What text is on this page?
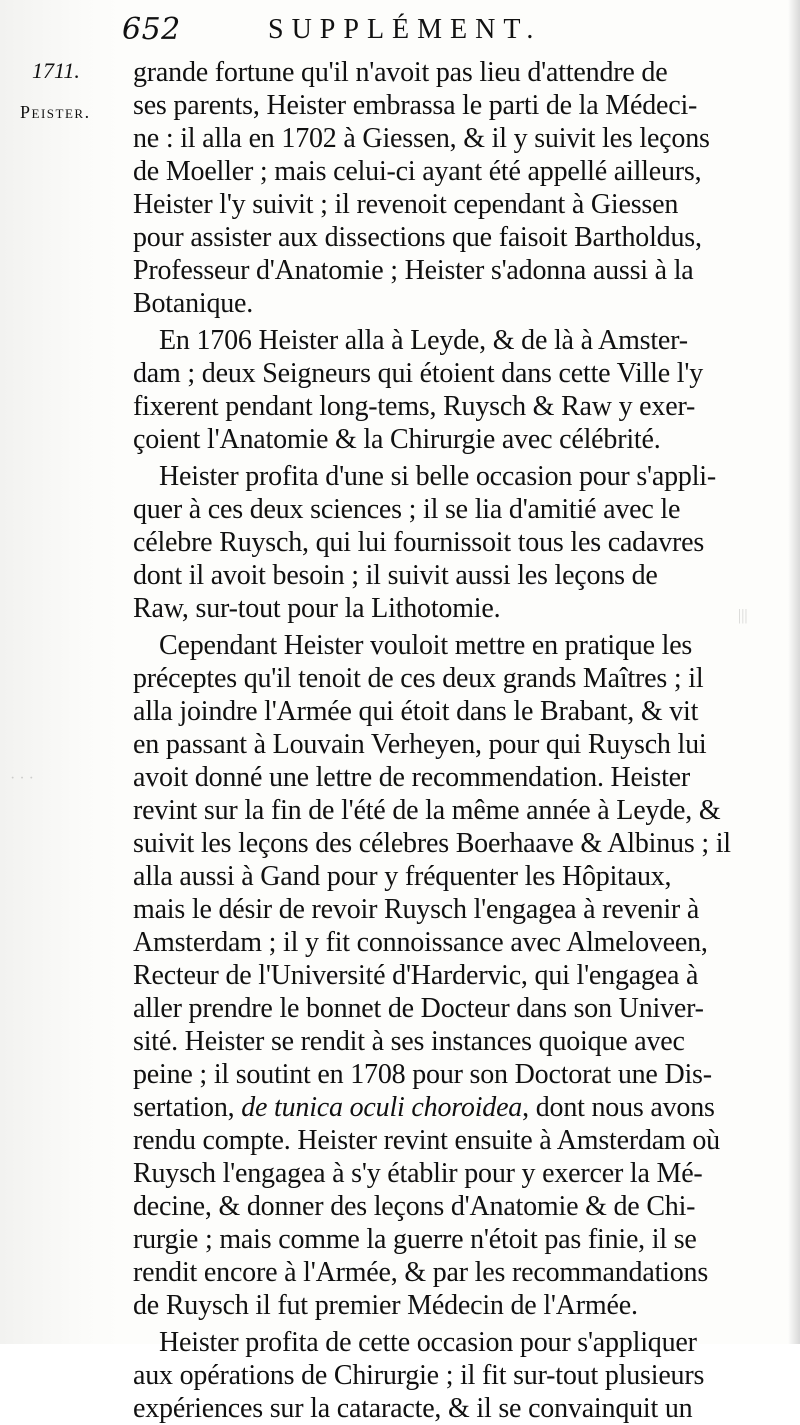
652	SUPPLÉMENT.
1711.
Peister.
grande fortune qu'il n'avoit pas lieu d'attendre de
ses parents, Heister embrassa le parti de la Médeci-
ne : il alla en 1702 à Giessen, & il y suivit les leçons
de Moeller ; mais celui-ci ayant été appellé ailleurs,
Heister l'y suivit ; il revenoit cependant à Giessen
pour assister aux dissections que faisoit Bartholdus,
Professeur d'Anatomie ; Heister s'adonna aussi à la
Botanique.
En 1706 Heister alla à Leyde, & de là à Amster-
dam ; deux Seigneurs qui étoient dans cette Ville l'y
fixerent pendant long-tems, Ruysch & Raw y exer-
çoient l'Anatomie & la Chirurgie avec célébrité.
Heister profita d'une si belle occasion pour s'appli-
quer à ces deux sciences ; il se lia d'amitié avec le
célebre Ruysch, qui lui fournissoit tous les cadavres
dont il avoit besoin ; il suivit aussi les leçons de
Raw, sur-tout pour la Lithotomie.
Cependant Heister vouloit mettre en pratique les
préceptes qu'il tenoit de ces deux grands Maîtres ; il
alla joindre l'Armée qui étoit dans le Brabant, & vit
en passant à Louvain Verheyen, pour qui Ruysch lui
avoit donné une lettre de recommendation. Heister
revint sur la fin de l'été de la même année à Leyde, &
suivit les leçons des célebres Boerhaave & Albinus ; il
alla aussi à Gand pour y fréquenter les Hôpitaux,
mais le désir de revoir Ruysch l'engagea à revenir à
Amsterdam ; il y fit connoissance avec Almeloveen,
Recteur de l'Université d'Hardervic, qui l'engagea à
aller prendre le bonnet de Docteur dans son Univer-
sité. Heister se rendit à ses instances quoique avec
peine ; il soutint en 1708 pour son Doctorat une Dis-
sertation, de tunica oculi choroidea, dont nous avons
rendu compte. Heister revint ensuite à Amsterdam où
Ruysch l'engagea à s'y établir pour y exercer la Mé-
decine, & donner des leçons d'Anatomie & de Chi-
rurgie ; mais comme la guerre n'étoit pas finie, il se
rendit encore à l'Armée, & par les recommandations
de Ruysch il fut premier Médecin de l'Armée.
Heister profita de cette occasion pour s'appliquer
aux opérations de Chirurgie ; il fit sur-tout plusieurs
expériences sur la cataracte, & il se convainquit un
|||
· · ·
